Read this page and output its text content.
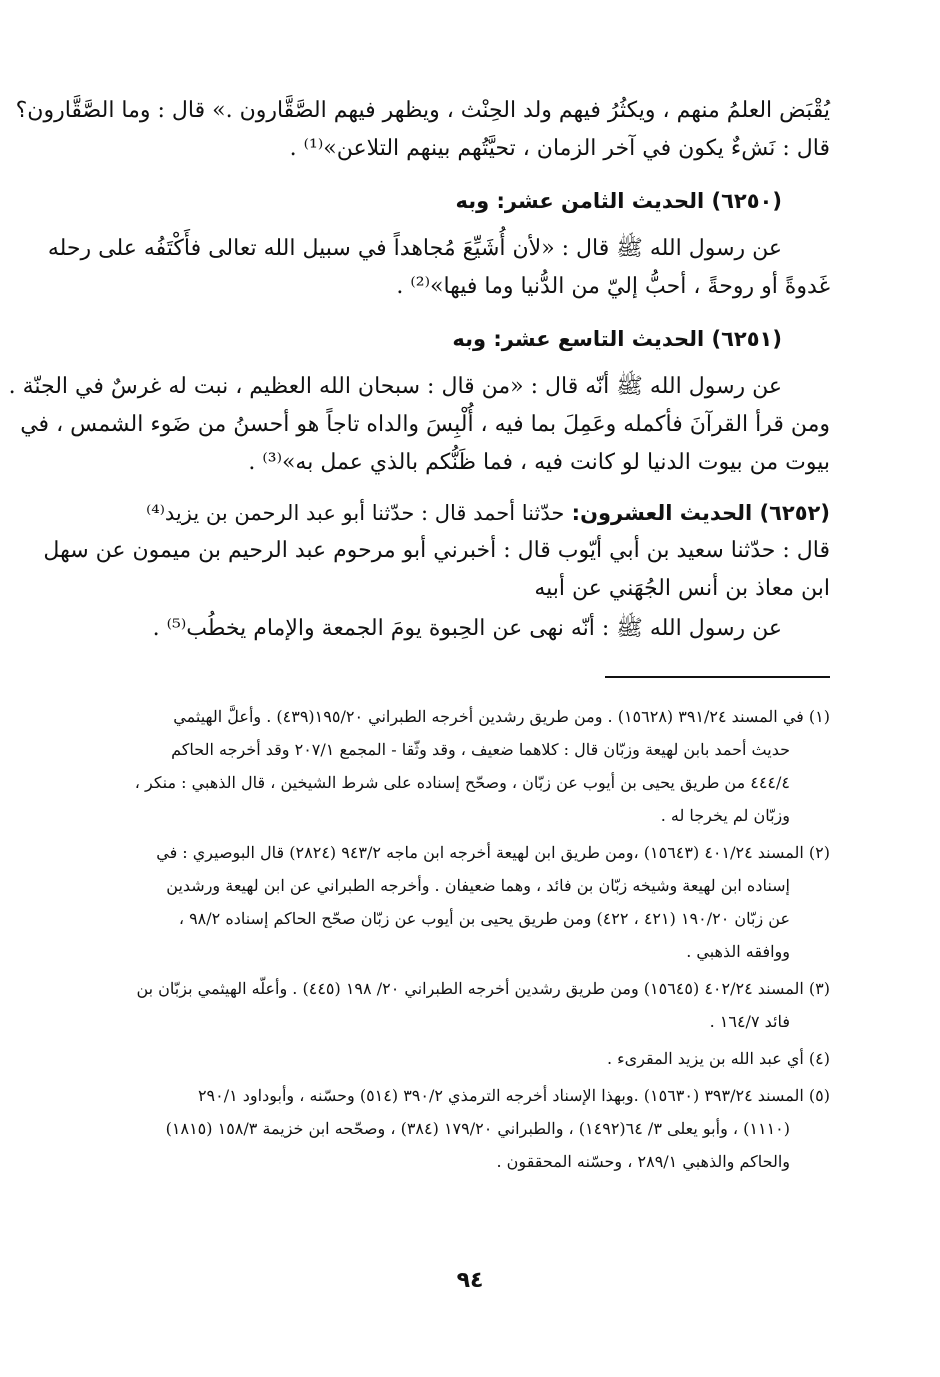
يُقْبَض العلمُ منهم ، ويكثُرُ فيهم ولد الحِنْث ، ويظهر فيهم الصَّقَّارون .» قال : وما الصَّقَّارون؟
قال : نَشءٌ يكون في آخر الزمان ، تحيَّتُهم بينهم التلاعن»⁽¹⁾ .
(٦٢٥٠) الحديث الثامن عشر: وبه
عن رسول الله ﷺ قال : «لأن أُشَيِّعَ مُجاهداً في سبيل الله تعالى فأَكْتَفُه على رحله
غَدوةً أو روحةً ، أحبُّ إليّ من الدُّنيا وما فيها»⁽²⁾ .
(٦٢٥١) الحديث التاسع عشر: وبه
عن رسول الله ﷺ أنّه قال : «من قال : سبحان الله العظيم ، نبت له غرسٌ في الجنّة .
ومن قرأ القرآنَ فأكمله وعَمِلَ بما فيه ، أُلْبِسَ والداه تاجاً هو أحسنُ من ضَوء الشمس ، في
بيوت من بيوت الدنيا لو كانت فيه ، فما ظَنُّكم بالذي عمل به»⁽³⁾ .
(٦٢٥٢) الحديث العشرون: حدّثنا أحمد قال : حدّثنا أبو عبد الرحمن بن يزيد⁽⁴⁾
قال : حدّثنا سعيد بن أبي أيّوب قال : أخبرني أبو مرحوم عبد الرحيم بن ميمون عن سهل
ابن معاذ بن أنس الجُهَني عن أبيه
عن رسول الله ﷺ : أنّه نهى عن الحِبوة يومَ الجمعة والإمام يخطُب⁽⁵⁾ .
(١) في المسند ٣٩١/٢٤ (١٥٦٢٨) . ومن طريق رشدين أخرجه الطبراني ١٩٥/٢٠(٤٣٩) . وأعلَّ الهيثمي
حديث أحمد بابن لهيعة وزبّان قال : كلاهما ضعيف ، وقد وثّقا - المجمع ٢٠٧/١ وقد أخرجه الحاكم
٤٤٤/٤ من طريق يحيى بن أيوب عن زبّان ، وصحّح إسناده على شرط الشيخين ، قال الذهبي : منكر ،
وزبّان لم يخرجا له .
(٢) المسند ٤٠١/٢٤ (١٥٦٤٣) ،ومن طريق ابن لهيعة أخرجه ابن ماجه ٩٤٣/٢ (٢٨٢٤) قال البوصيري : في
إسناده ابن لهيعة وشيخه زبّان بن فائد ، وهما ضعيفان . وأخرجه الطبراني عن ابن لهيعة ورشدين
عن زبّان ١٩٠/٢٠ (٤٢١ ، ٤٢٢) ومن طريق يحيى بن أيوب عن زبّان صحّح الحاكم إسناده ٩٨/٢ ،
ووافقه الذهبي .
(٣) المسند ٤٠٢/٢٤ (١٥٦٤٥) ومن طريق رشدين أخرجه الطبراني ٢٠/ ١٩٨ (٤٤٥) . وأعلّه الهيثمي بزبّان بن
فائد ١٦٤/٧ .
(٤) أي عبد الله بن يزيد المقرىء .
(٥) المسند ٣٩٣/٢٤ (١٥٦٣٠) .وبهذا الإسناد أخرجه الترمذي ٣٩٠/٢ (٥١٤) وحسّنه ، وأبوداود ٢٩٠/١
(١١١٠) ، وأبو يعلى ٣/ ٦٤(١٤٩٢) ، والطبراني ١٧٩/٢٠ (٣٨٤) ، وصحّحه ابن خزيمة ١٥٨/٣ (١٨١٥)
والحاكم والذهبي ٢٨٩/١ ، وحسّنه المحققون .
٩٤
